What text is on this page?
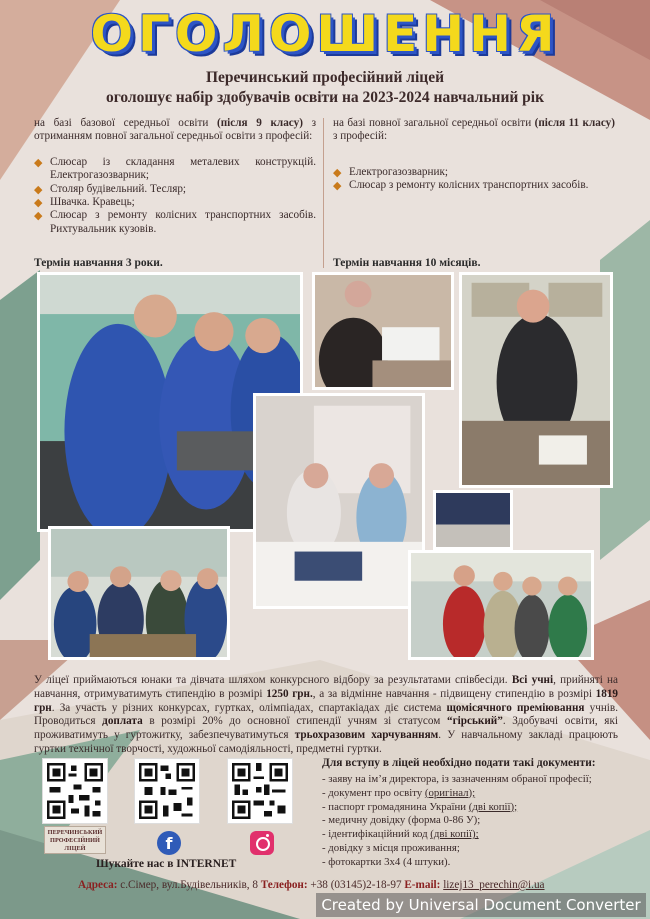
ОГОЛОШЕННЯ
Перечинський професійний ліцей
оголошує набір здобувачів освіти на 2023-2024 навчальний рік

на базі базової середньої освіти (після 9 класу) з отриманням повної загальної середньої освіти з професій:

◆ Слюсар із складання металевих конструкцій. Електрогазозварник;
◆ Столяр будівельний. Тесляр;
◆ Швачка. Кравець;
◆ Слюсар з ремонту колісних транспортних засобів. Рихтувальник кузовів.
Термін навчання 3 роки.

на базі повної загальної середньої освіти (після 11 класу) з професій:

◆ Електрогазозварник;
◆ Слюсар з ремонту колісних транспортних засобів.
Термін навчання 10 місяців.

У ліцеї приймаються юнаки та дівчата шляхом конкурсного відбору за результатами співбесіди. Всі учні, прийняті на навчання, отримуватимуть стипендію в розмірі 1250 грн., а за відмінне навчання - підвищену стипендію в розмірі 1819 грн. За участь у різних конкурсах, гуртках, олімпіадах, спартакіадах діє система щомісячного преміювання учнів. Проводиться доплата в розмірі 20% до основної стипендії учням зі статусом “гірський”. Здобувачі освіти, які проживатимуть у гуртожитку, забезпечуватимуться трьохразовим харчуванням. У навчальному закладі працюють гуртки технічної творчості, художньої самодіяльності, предметні гуртки.

ПЕРЕЧИНСЬКИЙ ПРОФЕСІЙНИЙ ЛІЦЕЙ	f
Шукайте нас в INTERNET
Для вступу в ліцей необхідно подати такі документи:
- заяву на ім’я директора, із зазначенням обраної професії;
- документ про освіту (оригінал);
- паспорт громадянина України (дві копії);
- медичну довідку (форма 0-86 У);
- ідентифікаційний код (дві копії);
- довідку з місця проживання;
- фотокартки 3х4 (4 штуки).
Адреса: с.Сімер, вул.Будівельників, 8 Телефон: +38 (03145)2-18-97 E-mail: lizej13_perechin@i.ua
Created by Universal Document Converter
